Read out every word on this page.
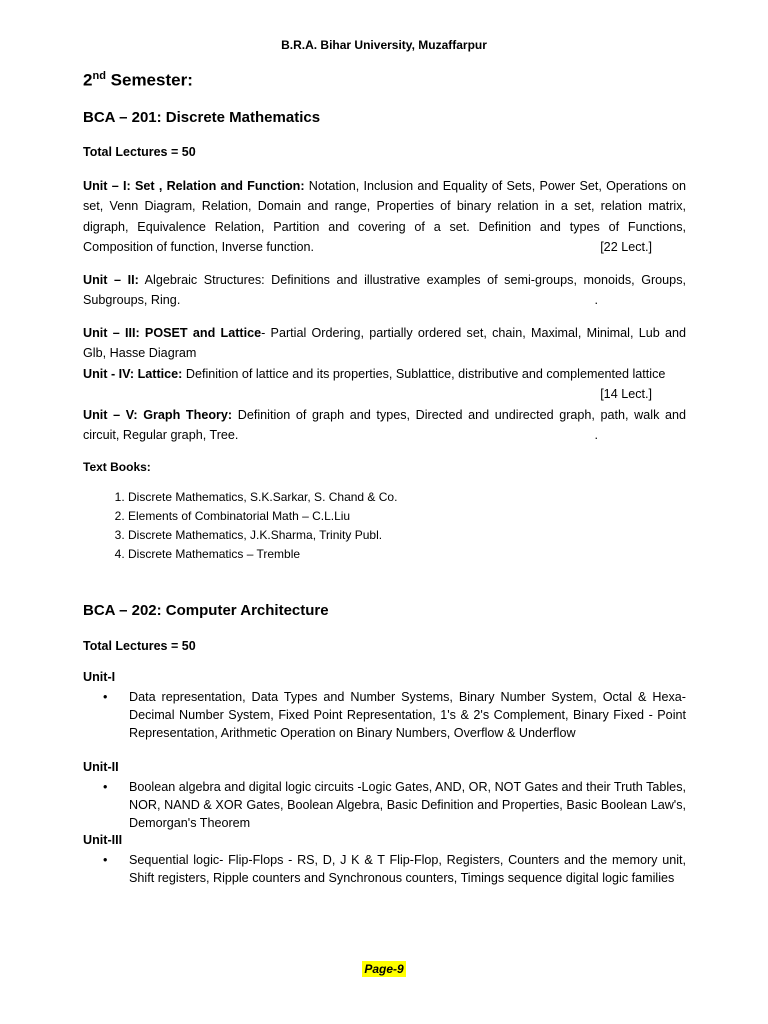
B.R.A. Bihar University, Muzaffarpur
2nd Semester:
BCA – 201: Discrete Mathematics
Total Lectures = 50
Unit – I: Set , Relation and Function: Notation, Inclusion and Equality of Sets, Power Set, Operations on set, Venn Diagram, Relation, Domain and range, Properties of binary relation in a set, relation matrix, digraph, Equivalence Relation, Partition and covering of a set. Definition and types of Functions, Composition of function, Inverse function.	[22 Lect.]
Unit – II: Algebraic Structures: Definitions and illustrative examples of semi-groups, monoids, Groups, Subgroups, Ring.	.
Unit – III: POSET and Lattice- Partial Ordering, partially ordered set, chain, Maximal, Minimal, Lub and Glb, Hasse Diagram
Unit - IV: Lattice: Definition of lattice and its properties, Sublattice, distributive and complemented lattice
[14 Lect.]
Unit – V: Graph Theory: Definition of graph and types, Directed and undirected graph, path, walk and circuit, Regular graph, Tree.	.
Text Books:
1. Discrete Mathematics, S.K.Sarkar, S. Chand & Co.
2. Elements of Combinatorial Math – C.L.Liu
3. Discrete Mathematics, J.K.Sharma, Trinity Publ.
4. Discrete Mathematics – Tremble
BCA – 202: Computer Architecture
Total Lectures = 50
Unit-I
• Data representation, Data Types and Number Systems, Binary Number System, Octal & Hexa-Decimal Number System, Fixed Point Representation, 1's & 2's Complement, Binary Fixed - Point Representation, Arithmetic Operation on Binary Numbers, Overflow & Underflow
Unit-II
• Boolean algebra and digital logic circuits -Logic Gates, AND, OR, NOT Gates and their Truth Tables, NOR, NAND & XOR Gates, Boolean Algebra, Basic Definition and Properties, Basic Boolean Law's, Demorgan's Theorem
Unit-III
• Sequential logic- Flip-Flops - RS, D, J K & T Flip-Flop, Registers, Counters and the memory unit, Shift registers, Ripple counters and Synchronous counters, Timings sequence digital logic families
Page-9
